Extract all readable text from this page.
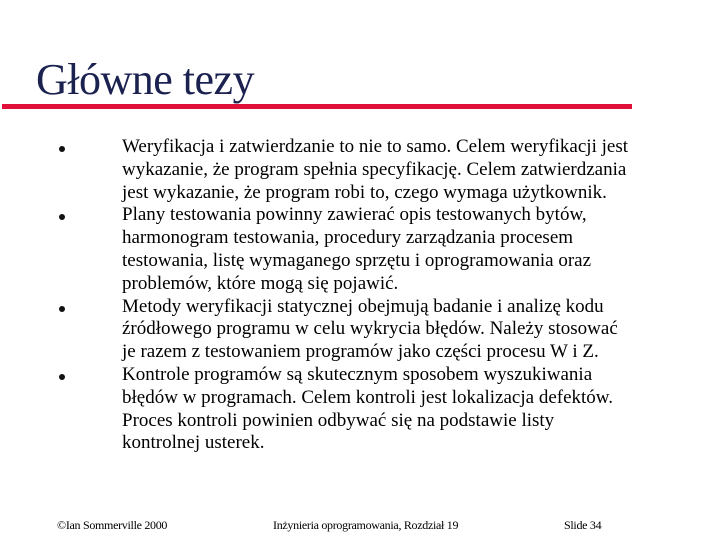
Główne tezy
Weryfikacja i zatwierdzanie to nie to samo. Celem weryfikacji jest
wykazanie, że program spełnia specyfikację. Celem zatwierdzania
jest wykazanie, że program robi to, czego wymaga użytkownik.
Plany testowania powinny zawierać opis testowanych bytów,
harmonogram testowania, procedury zarządzania procesem
testowania, listę wymaganego sprzętu i oprogramowania oraz
problemów, które mogą się pojawić.
Metody weryfikacji statycznej obejmują badanie i analizę kodu
źródłowego programu w celu wykrycia błędów. Należy stosować
je razem z testowaniem programów jako części procesu W i Z.
Kontrole programów są skutecznym sposobem wyszukiwania
błędów w programach. Celem kontroli jest lokalizacja defektów.
Proces kontroli powinien odbywać się na podstawie listy
kontrolnej usterek.
©Ian Sommerville 2000	Inżynieria oprogramowania, Rozdział 19	Slide 34
